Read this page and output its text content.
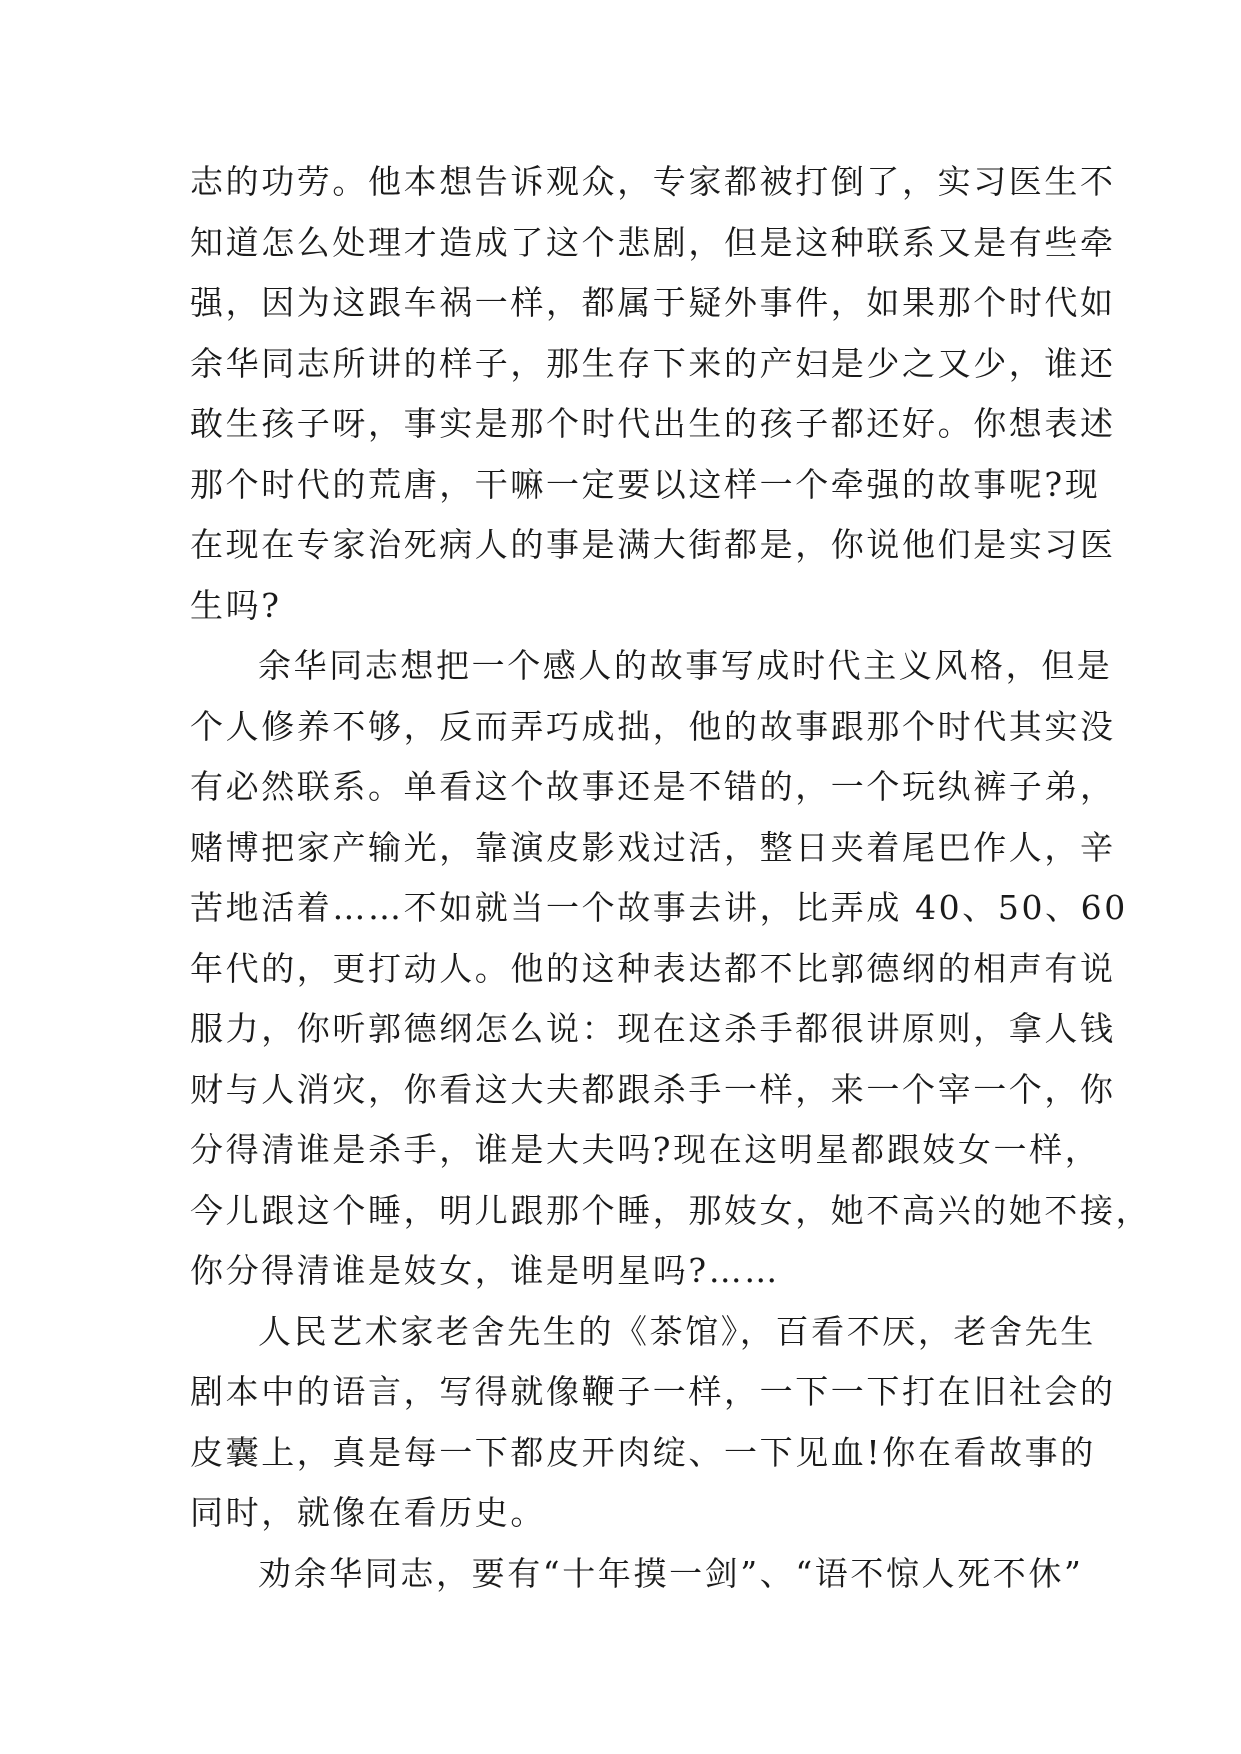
志的功劳。他本想告诉观众，专家都被打倒了，实习医生不
知道怎么处理才造成了这个悲剧，但是这种联系又是有些牵
强，因为这跟车祸一样，都属于疑外事件，如果那个时代如
余华同志所讲的样子，那生存下来的产妇是少之又少，谁还
敢生孩子呀，事实是那个时代出生的孩子都还好。你想表述
那个时代的荒唐，干嘛一定要以这样一个牵强的故事呢?现
在现在专家治死病人的事是满大街都是，你说他们是实习医
生吗?
余华同志想把一个感人的故事写成时代主义风格，但是
个人修养不够，反而弄巧成拙，他的故事跟那个时代其实没
有必然联系。单看这个故事还是不错的，一个玩纨裤子弟，
赌博把家产输光，靠演皮影戏过活，整日夹着尾巴作人，辛
苦地活着……不如就当一个故事去讲，比弄成 40、50、60
年代的，更打动人。他的这种表达都不比郭德纲的相声有说
服力，你听郭德纲怎么说：现在这杀手都很讲原则，拿人钱
财与人消灾，你看这大夫都跟杀手一样，来一个宰一个，你
分得清谁是杀手，谁是大夫吗?现在这明星都跟妓女一样，
今儿跟这个睡，明儿跟那个睡，那妓女，她不高兴的她不接，
你分得清谁是妓女，谁是明星吗?……
人民艺术家老舍先生的《茶馆》，百看不厌，老舍先生
剧本中的语言，写得就像鞭子一样，一下一下打在旧社会的
皮囊上，真是每一下都皮开肉绽、一下见血!你在看故事的
同时，就像在看历史。
劝余华同志，要有“十年摸一剑”、“语不惊人死不休”
